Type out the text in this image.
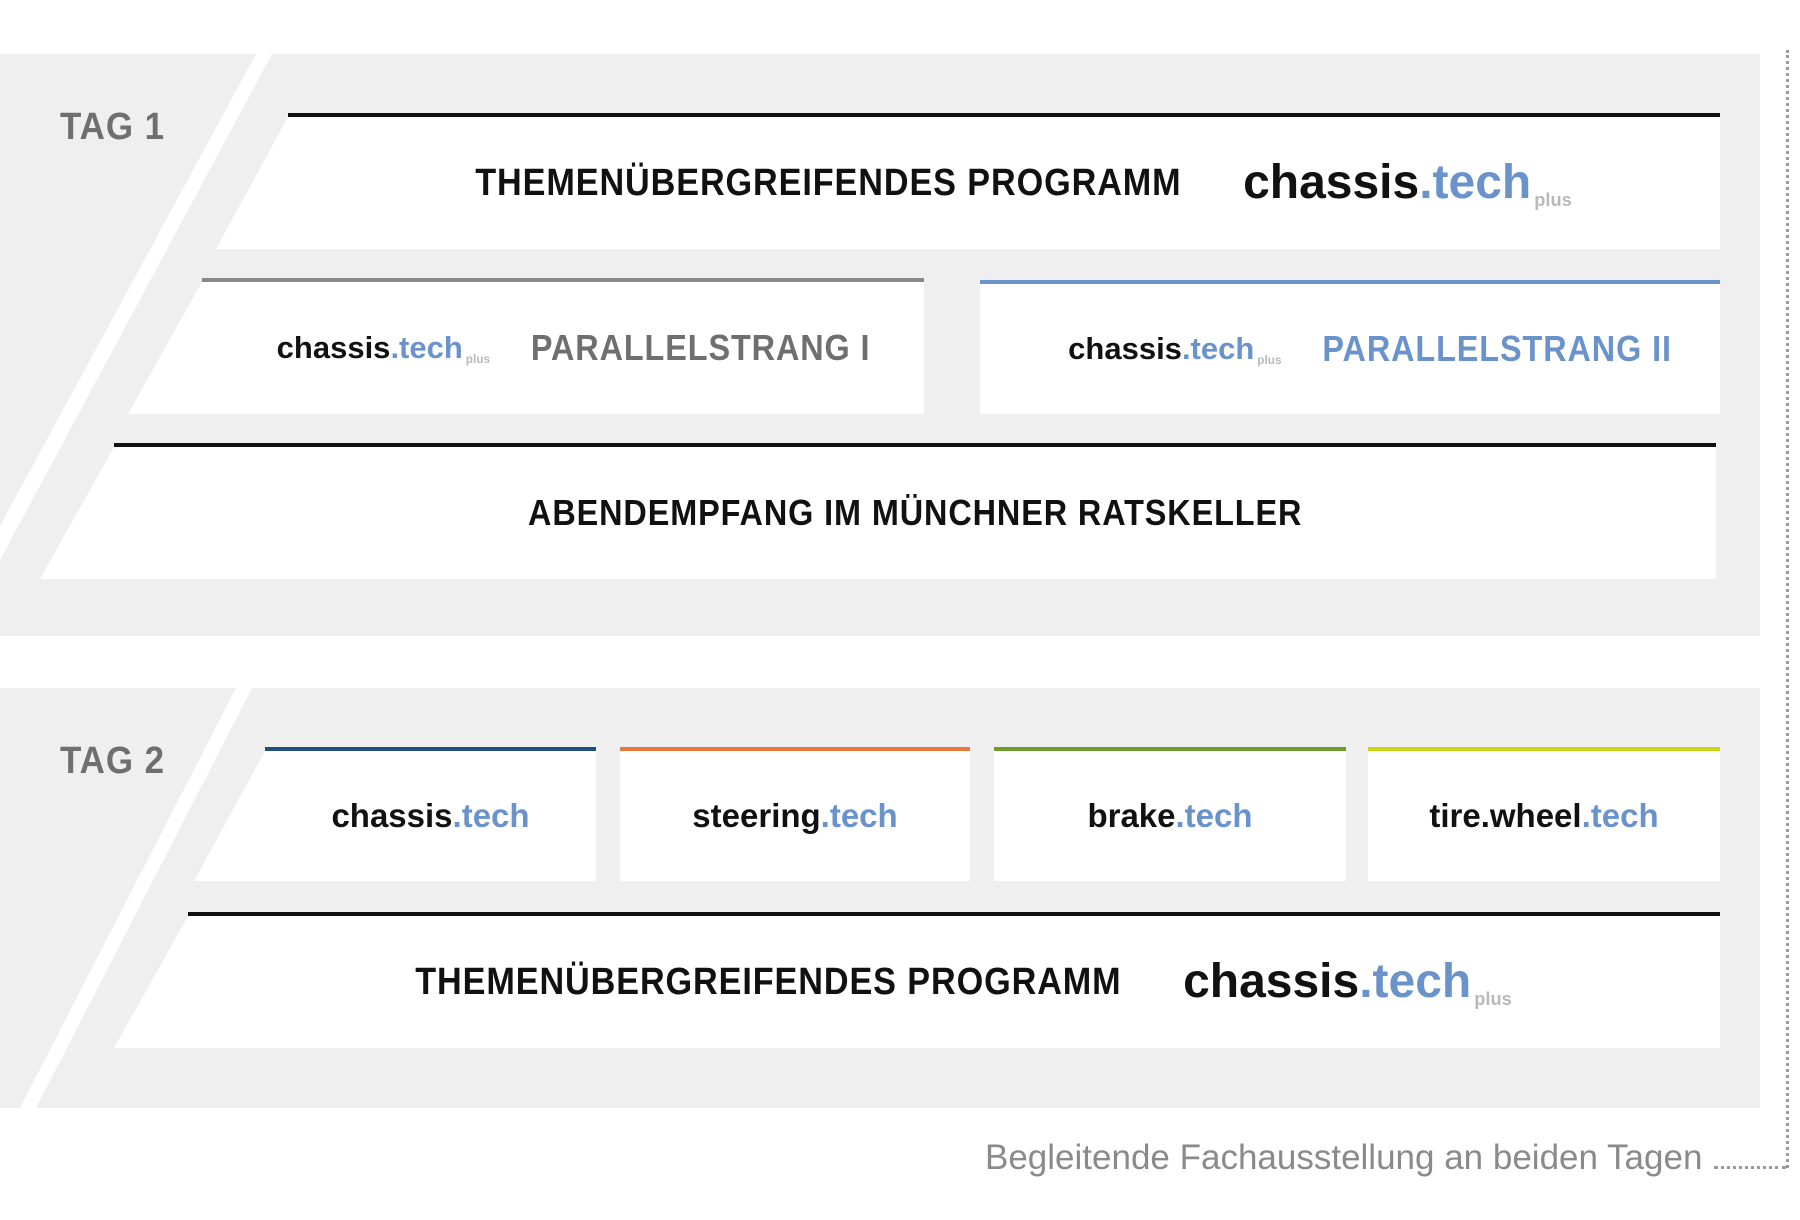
TAG 1
TAG 2
THEMENÜBERGREIFENDES PROGRAMM chassis.tech plus
chassis.tech plus PARALLELSTRANG I	chassis.tech plus PARALLELSTRANG II
ABENDEMPFANG IM MÜNCHNER RATSKELLER
chassis.tech	steering.tech	brake.tech	tire.wheel.tech
THEMENÜBERGREIFENDES PROGRAMM chassis.tech plus
Begleitende Fachausstellung an beiden Tagen
